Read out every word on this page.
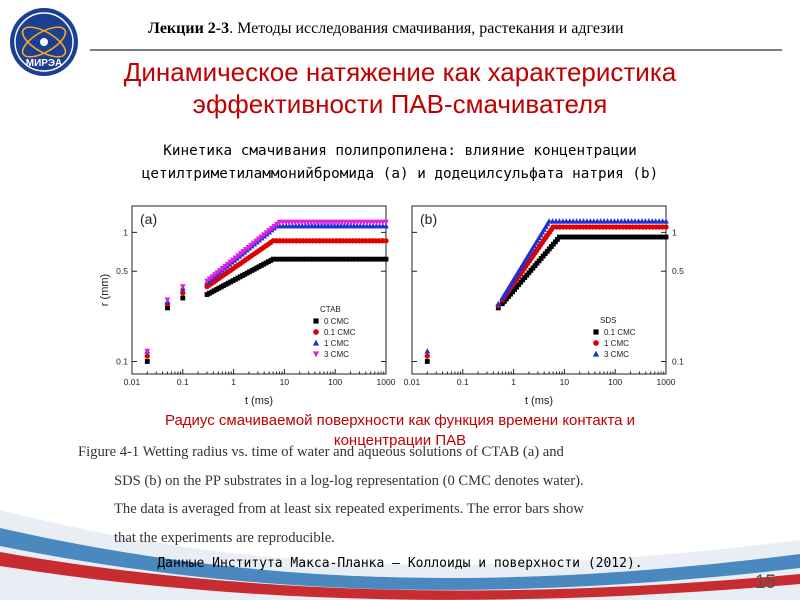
МИРЭА
Лекции 2-3. Методы исследования смачивания, растекания и адгезии
Динамическое натяжение как характеристика
эффективности ПАВ-смачивателя
Кинетика смачивания полипропилена: влияние концентрации
цетилтриметиламмонийбромида (a) и додецилсульфата натрия (b)
0.01	0.1	1	10	100	1000
0.1
0.5
1
t (ms)
r (mm)
(a)
CTAB
0 CMC
0.1 CMC
1 CMC
3 CMC
0.01	0.1	1	10	100	1000
0.1
0.5
1
t (ms)
(b)
SDS
0.1 CMC
1 CMC
3 CMC
Радиус смачиваемой поверхности как функция времени контакта и
концентрации ПАВ
Figure 4-1 Wetting radius vs. time of water and aqueous solutions of CTAB (a) and
SDS (b) on the PP substrates in a log-log representation (0 CMC denotes water).
The data is averaged from at least six repeated experiments. The error bars show
that the experiments are reproducible.
Данные Института Макса-Планка – Коллоиды и поверхности (2012).
15
